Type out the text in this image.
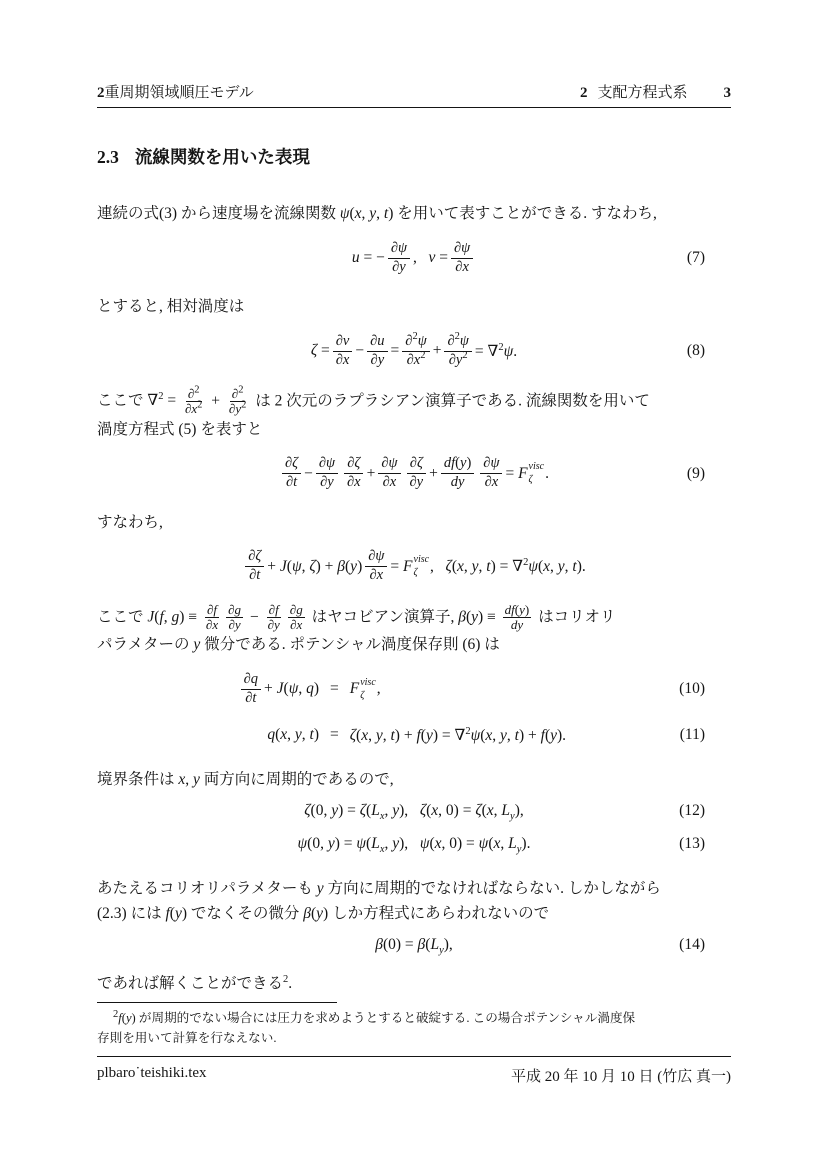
2重周期領域順圧モデル	2 支配方程式系 3
2.3 流線関数を用いた表現
連続の式(3) から速度場を流線関数 ψ(x, y, t) を用いて表すことができる. すなわち,
u = − $\frac{\partial\psi}{\partial y}$ ,   $v = \frac{\partial\psi}{\partial x}$	(7)
とすると, 相対渦度は
$\zeta = \frac{\partial v}{\partial x} - \frac{\partial u}{\partial y} = \frac{\partial^2\psi}{\partial x^2} + \frac{\partial^2\psi}{\partial y^2} = \nabla^2\psi$.	(8)
ここで $\nabla^2 = \frac{\partial^2}{\partial x^2} + \frac{\partial^2}{\partial y^2}$ は 2 次元のラプラシアン演算子である. 流線関数を用いて
渦度方程式 (5) を表すと
$\frac{\partial\zeta}{\partial t} - \frac{\partial\psi}{\partial y} \frac{\partial\zeta}{\partial x} + \frac{\partial\psi}{\partial x} \frac{\partial\zeta}{\partial y} + \frac{df(y)}{dy} \frac{\partial\psi}{\partial x} = F$ visc
ζ .	(9)
すなわち,
$\frac{\partial\zeta}{\partial t} + J(\psi$, $\zeta) + \beta(y) \frac{\partial\psi}{\partial x} = F$ visc
ζ ,   ζ(x, y, t) = ∇$^2$ψ(x, y, t).
ここで J(f, $g) \equiv \frac{\partial f}{\partial x} \frac{\partial g}{\partial y} - \frac{\partial f}{\partial y} \frac{\partial g}{\partial x}$ はヤコビアン演算子, $\beta(y) \equiv \frac{df(y)}{dy}$ はコリオリ
パラメターの y 微分である. ポテンシャル渦度保存則 (6) は
$\frac{\partial q}{\partial t} + J(\psi$, q) = F visc
ζ ,	(10)
q(x, y, t) = ζ(x, y, t) + f(y) = ∇$^2$ψ(x, y, t) + f(y).	(11)
境界条件は x, y 両方向に周期的であるので,
ζ(0, $y) = \zeta(L_x$, y),   ζ(x, 0) = ζ(x, $L_y$),	(12)
ψ(0, $y) = \psi(L_x$, y),   ψ(x, 0) = ψ(x, $L_y$).	(13)
あたえるコリオリパラメターも y 方向に周期的でなければならない. しかしながら
(2.3) には f(y) でなくその微分 β(y) しか方程式にあらわれないので
$\beta(0) = \beta(L_y)$,	(14)
であれば解くことができる$^2$.
$^2$f(y) が周期的でない場合には圧力を求めようとすると破綻する. この場合ポテンシャル渦度保
存則を用いて計算を行なえない.
plbaro˙teishiki.tex	平成 20 年 10 月 10 日 (竹広 真一)
